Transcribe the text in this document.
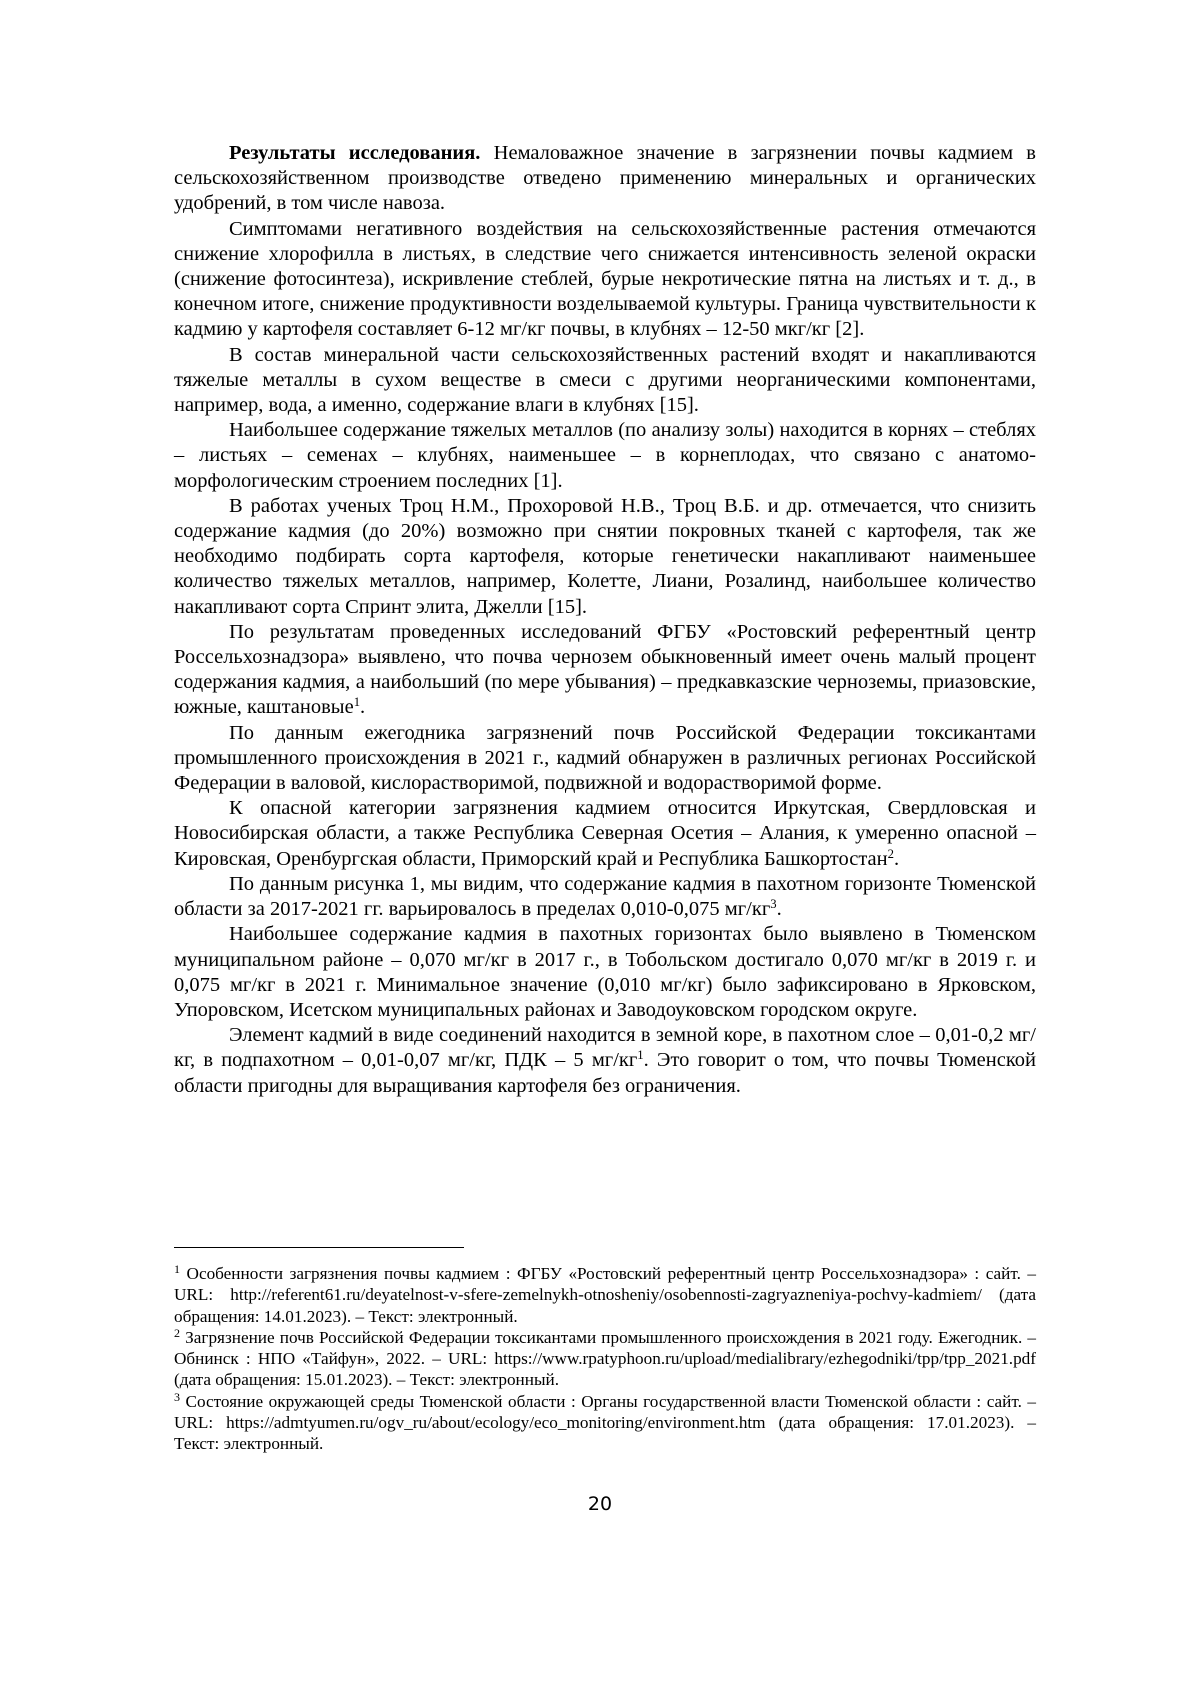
Результаты исследования. Немаловажное значение в загрязнении почвы кадмием в сельскохозяйственном производстве отведено применению минеральных и органических удобрений, в том числе навоза.

Симптомами негативного воздействия на сельскохозяйственные растения отмечаются снижение хлорофилла в листьях, в следствие чего снижается интенсивность зеленой окраски (снижение фотосинтеза), искривление стеблей, бурые некротические пятна на листьях и т. д., в конечном итоге, снижение продуктивности возделываемой культуры. Граница чувствительности к кадмию у картофеля составляет 6-12 мг/кг почвы, в клубнях – 12-50 мкг/кг [2].

В состав минеральной части сельскохозяйственных растений входят и накапливаются тяжелые металлы в сухом веществе в смеси с другими неорганическими компонентами, например, вода, а именно, содержание влаги в клубнях [15].

Наибольшее содержание тяжелых металлов (по анализу золы) находится в корнях – стеблях – листьях – семенах – клубнях, наименьшее – в корнеплодах, что связано с анатомо-морфологическим строением последних [1].

В работах ученых Троц Н.М., Прохоровой Н.В., Троц В.Б. и др. отмечается, что снизить содержание кадмия (до 20%) возможно при снятии покровных тканей с картофеля, так же необходимо подбирать сорта картофеля, которые генетически накапливают наименьшее количество тяжелых металлов, например, Колетте, Лиани, Розалинд, наибольшее количество накапливают сорта Спринт элита, Джелли [15].

По результатам проведенных исследований ФГБУ «Ростовский референтный центр Россельхознадзора» выявлено, что почва чернозем обыкновенный имеет очень малый процент содержания кадмия, а наибольший (по мере убывания) – предкавказские черноземы, приазовские, южные, каштановые$^1$.

По данным ежегодника загрязнений почв Российской Федерации токсикантами промышленного происхождения в 2021 г., кадмий обнаружен в различных регионах Российской Федерации в валовой, кислорастворимой, подвижной и водорастворимой форме.

К опасной категории загрязнения кадмием относится Иркутская, Свердловская и Новосибирская области, а также Республика Северная Осетия – Алания, к умеренно опасной – Кировская, Оренбургская области, Приморский край и Республика Башкортостан$^2$.

По данным рисунка 1, мы видим, что содержание кадмия в пахотном горизонте Тюменской области за 2017-2021 гг. варьировалось в пределах 0,010-0,075 $мг/кг^3$.

Наибольшее содержание кадмия в пахотных горизонтах было выявлено в Тюменском муниципальном районе – 0,070 мг/кг в 2017 г., в Тобольском достигало 0,070 мг/кг в 2019 г. и 0,075 мг/кг в 2021 г. Минимальное значение (0,010 мг/кг) было зафиксировано в Ярковском, Упоровском, Исетском муниципальных районах и Заводоуковском городском округе.

Элемент кадмий в виде соединений находится в земной коре, в пахотном слое – 0,01-0,2 мг/кг, в подпахотном – 0,01-0,07 мг/кг, ПДК – 5 $мг/кг^1$. Это говорит о том, что почвы Тюменской области пригодны для выращивания картофеля без ограничения.

$^1$ Особенности загрязнения почвы кадмием : ФГБУ «Ростовский референтный центр Россельхознадзора» : сайт. – URL: http://referent61.ru/deyatelnost-v-sfere-zemelnykh-otnosheniy/osobennosti-zagryazneniya-pochvy-kadmiem/ (дата обращения: 14.01.2023). – Текст: электронный.

$^2$ Загрязнение почв Российской Федерации токсикантами промышленного происхождения в 2021 году. Ежегодник. – Обнинск : НПО «Тайфун», 2022. – URL: https://www.rpatyphoon.ru/upload/medialibrary/ezhegodniki/tpp/tpp_2021.pdf (дата обращения: 15.01.2023). – Текст: электронный.

$^3$ Состояние окружающей среды Тюменской области : Органы государственной власти Тюменской области : сайт. – URL: https://admtyumen.ru/ogv_ru/about/ecology/eco_monitoring/environment.htm (дата обращения: 17.01.2023). – Текст: электронный.

20
